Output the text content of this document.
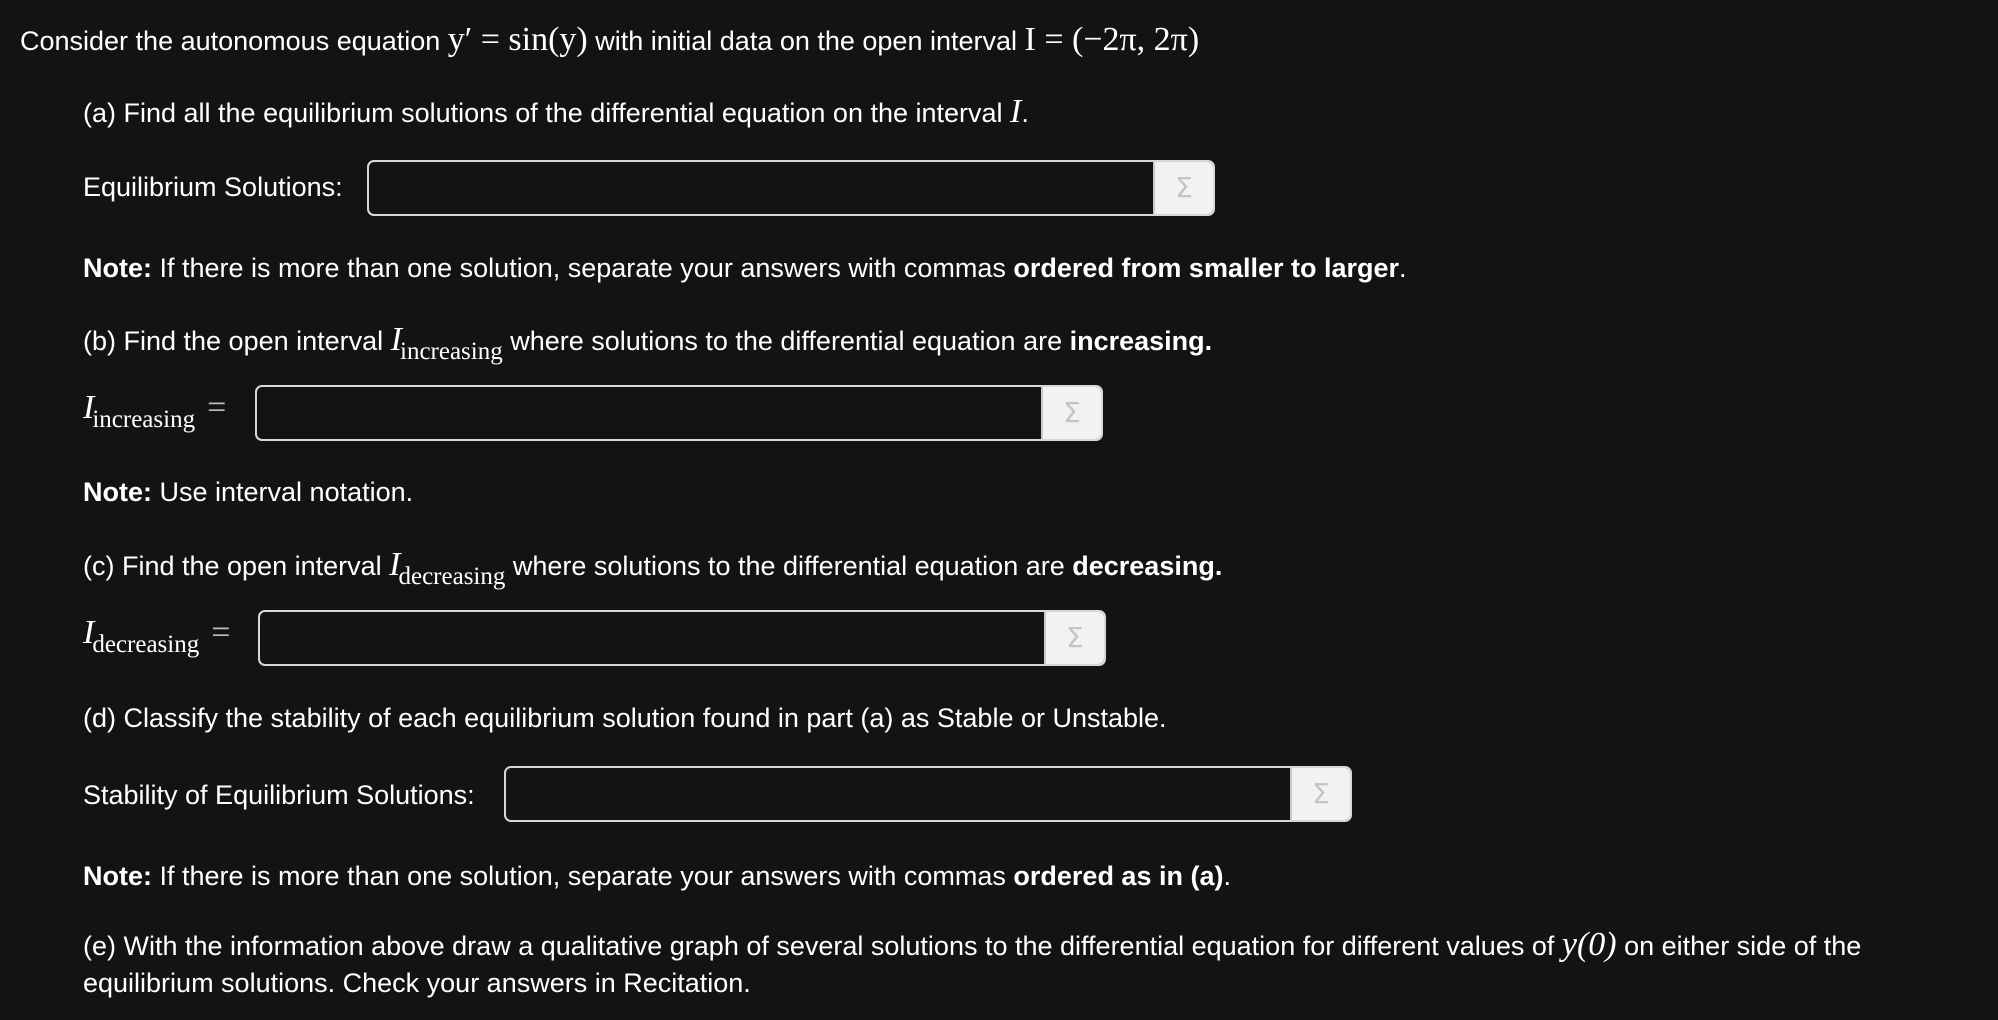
Consider the autonomous equation y′ = sin(y) with initial data on the open interval I = (−2π, 2π)
(a) Find all the equilibrium solutions of the differential equation on the interval I.
Equilibrium Solutions:	Σ
Note: If there is more than one solution, separate your answers with commas ordered from smaller to larger.
(b) Find the open interval Iincreasing where solutions to the differential equation are increasing.
Iincreasing =	Σ
Note: Use interval notation.
(c) Find the open interval Idecreasing where solutions to the differential equation are decreasing.
Idecreasing =	Σ
(d) Classify the stability of each equilibrium solution found in part (a) as Stable or Unstable.
Stability of Equilibrium Solutions:	Σ
Note: If there is more than one solution, separate your answers with commas ordered as in (a).
(e) With the information above draw a qualitative graph of several solutions to the differential equation for different values of y(0) on either side of the
equilibrium solutions. Check your answers in Recitation.
